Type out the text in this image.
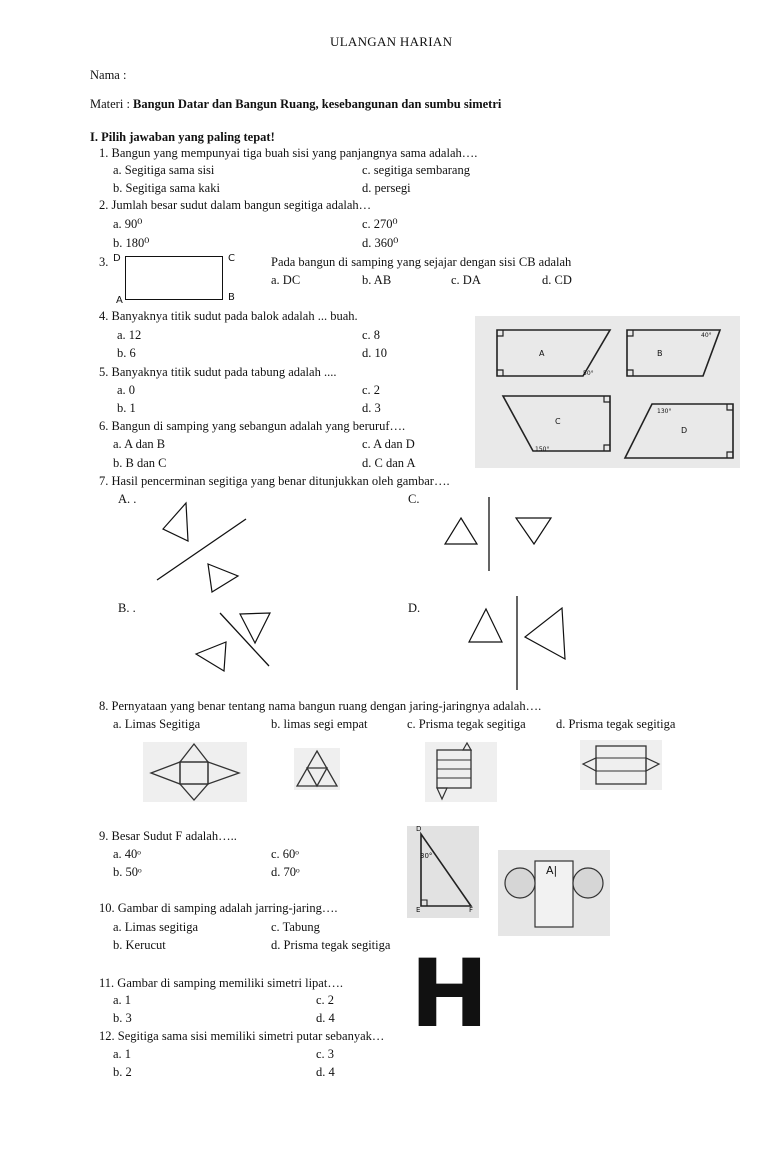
ULANGAN HARIAN
Nama :
Materi : Bangun Datar dan Bangun Ruang, kesebangunan dan sumbu simetri
I. Pilih jawaban yang paling tepat!
1. Bangun yang mempunyai tiga buah sisi yang panjangnya sama adalah….
a. Segitiga sama sisi
b. Segitiga sama kaki
c. segitiga sembarang
d. persegi
2. Jumlah besar sudut dalam bangun segitiga adalah…
a. 90⁰
b. 180⁰
c. 270⁰
d. 360⁰
3. D	C
A	B
Pada bangun di samping yang sejajar dengan sisi CB adalah
a. DC	b. AB	c. DA	d. CD
4. Banyaknya titik sudut pada balok adalah ... buah.
a. 12
b. 6
c. 8
d. 10
5. Banyaknya titik sudut pada tabung adalah ....
a. 0
b. 1
c. 2
d. 3
6. Bangun di samping yang sebangun adalah yang beruruf….
a. A dan B
b. B dan C
c. A dan D
d. C dan A
A	B
C
D
50°
40°
150°
130°
7. Hasil pencerminan segitiga yang benar ditunjukkan oleh gambar….
A. .	C.
B. .	D.
8. Pernyataan yang benar tentang nama bangun ruang dengan jaring-jaringnya adalah….
a. Limas Segitiga	b. limas segi empat	c. Prisma tegak segitiga d. Prisma tegak segitiga
9. Besar Sudut F adalah…..
a. 40ᵒ
b. 50ᵒ
c. 60ᵒ
d. 70ᵒ
D
30°
E	F
10. Gambar di samping adalah jarring-jaring….
a. Limas segitiga
b. Kerucut
c. Tabung
d. Prisma tegak segitiga
A|
11. Gambar di samping memiliki simetri lipat….
a. 1
b. 3
c. 2
d. 4 H
12. Segitiga sama sisi memiliki simetri putar sebanyak…
a. 1
b. 2
c. 3
d. 4
